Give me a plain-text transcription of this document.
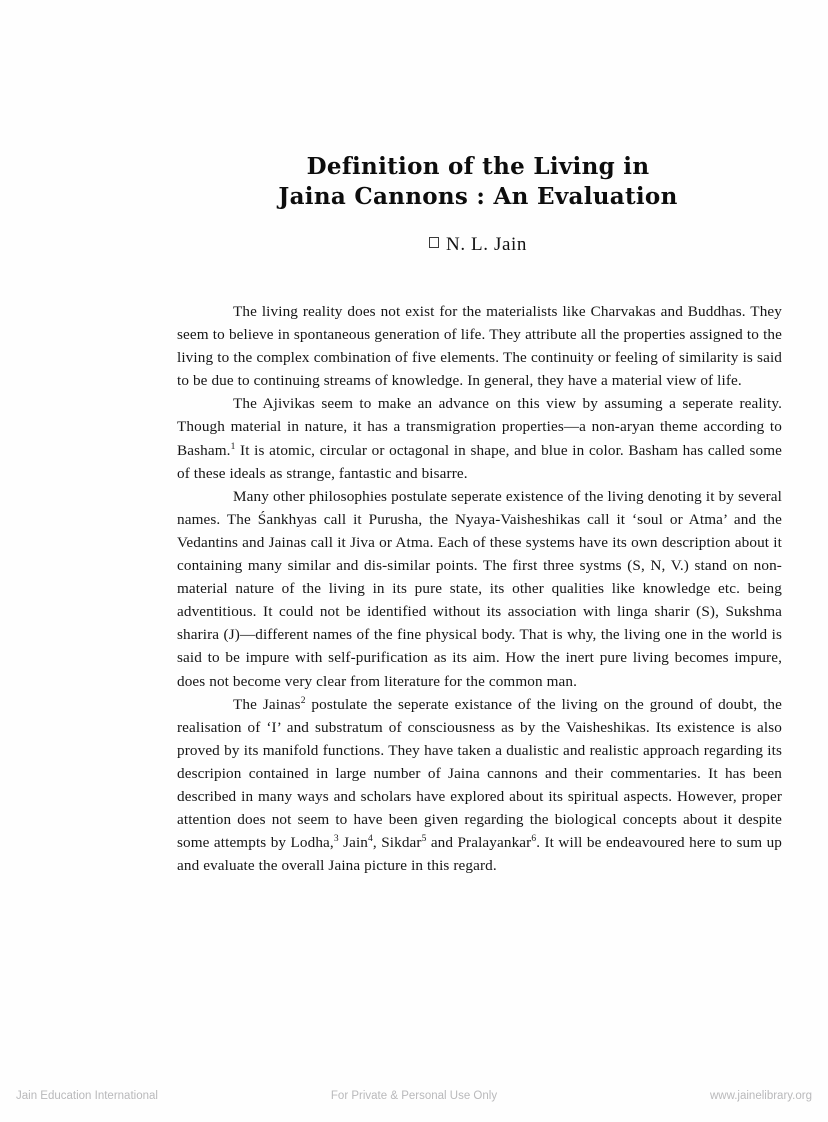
Definition of the Living in
Jaina Cannons : An Evaluation
N. L. Jain

The living reality does not exist for the materialists like Charvakas and Buddhas. They seem to believe in spontaneous generation of life. They attribute all the properties assigned to the living to the complex combination of five elements. The continuity or feeling of similarity is said to be due to continuing streams of knowledge. In general, they have a material view of life.

The Ajivikas seem to make an advance on this view by assuming a seperate reality. Though material in nature, it has a transmigration properties—a non-aryan theme according to Basham.$^1$ It is atomic, circular or octagonal in shape, and blue in color. Basham has called some of these ideals as strange, fantastic and bisarre.

Many other philosophies postulate seperate existence of the living denoting it by several names. The Śankhyas call it Purusha, the Nyaya-Vaisheshikas call it ‘soul or Atma’ and the Vedantins and Jainas call it Jiva or Atma. Each of these systems have its own description about it containing many similar and dis-similar points. The first three systms (S, N, V.) stand on non-material nature of the living in its pure state, its other qualities like knowledge etc. being adventitious. It could not be identified without its association with linga sharir (S), Sukshma sharira (J)—different names of the fine physical body. That is why, the living one in the world is said to be impure with self-purification as its aim. How the inert pure living becomes impure, does not become very clear from literature for the common man.

The Jainas$^2$ postulate the seperate existance of the living on the ground of doubt, the realisation of ‘I’ and substratum of consciousness as by the Vaisheshikas. Its existence is also proved by its manifold functions. They have taken a dualistic and realistic approach regarding its descripion contained in large number of Jaina cannons and their commentaries. It has been described in many ways and scholars have explored about its spiritual aspects. However, proper attention does not seem to have been given regarding the biological concepts about it despite some attempts by Lodha,$^3$ Jain$^4$, Sikdar$^5$ and Pralayankar$^6$. It will be endeavoured here to sum up and evaluate the overall Jaina picture in this regard.

Jain Education International	For Private & Personal Use Only	www.jainelibrary.org
